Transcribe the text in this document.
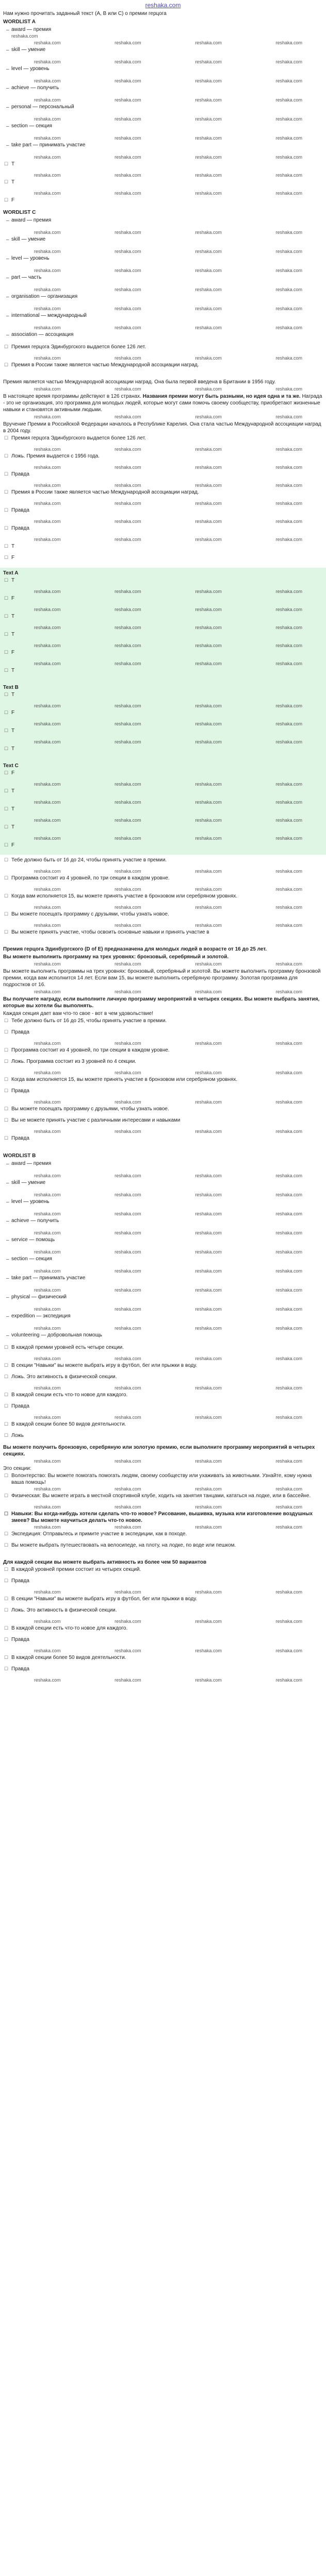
reshaka.com

Нам нужно прочитать заданный текст (A, B или C) о премии герцога

WORDLIST A
– award — премия
reshaka.com
reshaka.com	reshaka.com	reshaka.com	reshaka.com
– skill — умение
reshaka.com	reshaka.com	reshaka.com	reshaka.com
– level — уровень
reshaka.com	reshaka.com	reshaka.com	reshaka.com
– achieve — получить
reshaka.com	reshaka.com	reshaka.com	reshaka.com
– personal — персональный
reshaka.com	reshaka.com	reshaka.com	reshaka.com
– section — секция
reshaka.com	reshaka.com	reshaka.com	reshaka.com
– take part — принимать участие
reshaka.com	reshaka.com	reshaka.com	reshaka.com
☐ T
reshaka.com	reshaka.com	reshaka.com	reshaka.com
☐ T
reshaka.com	reshaka.com	reshaka.com	reshaka.com
☐ F
WORDLIST C
– award — премия
reshaka.com	reshaka.com	reshaka.com	reshaka.com
– skill — умение
reshaka.com	reshaka.com	reshaka.com	reshaka.com
– level — уровень
reshaka.com	reshaka.com	reshaka.com	reshaka.com
– part — часть
reshaka.com	reshaka.com	reshaka.com	reshaka.com
– organisation — организация
reshaka.com	reshaka.com	reshaka.com	reshaka.com
– international — международный
reshaka.com	reshaka.com	reshaka.com	reshaka.com
– association — ассоциация
☐ Премия герцога Эдинбургского выдается более 126 лет.
reshaka.com	reshaka.com	reshaka.com	reshaka.com
☐ Премия в России также является частью Международной ассоциации наград.

Премия является частью Международной ассоциации наград. Она была первой введена в Британии в 1956 году.

reshaka.com	reshaka.com	reshaka.com	reshaka.com

В настоящее время программы действуют в 126 странах. Названия премии могут быть разными, но идея одна и та же. Награда - это не организация, это программа для молодых людей, которые могут сами помочь своему сообществу, приобретают жизненные навыки и становятся активными людьми.

reshaka.com	reshaka.com	reshaka.com	reshaka.com

Вручение Премии в Российской Федерации началось в Республике Карелия. Она стала частью Международной ассоциации наград в 2004 году.

☐ Премия герцога Эдинбургского выдается более 126 лет.
reshaka.com	reshaka.com	reshaka.com	reshaka.com
☐ Ложь. Премия выдается с 1956 года.
reshaka.com	reshaka.com	reshaka.com	reshaka.com
☐ Правда
reshaka.com	reshaka.com	reshaka.com	reshaka.com
☐ Премия в России также является частью Международной ассоциации наград.
reshaka.com	reshaka.com	reshaka.com	reshaka.com
☐ Правда
reshaka.com	reshaka.com	reshaka.com	reshaka.com
☐ Правда
reshaka.com	reshaka.com	reshaka.com	reshaka.com
☐ T
☐ F
Text A
☐ T
reshaka.com	reshaka.com	reshaka.com	reshaka.com
☐ F
reshaka.com	reshaka.com	reshaka.com	reshaka.com
☐ T
reshaka.com	reshaka.com	reshaka.com	reshaka.com
☐ T
reshaka.com	reshaka.com	reshaka.com	reshaka.com
☐ F
reshaka.com	reshaka.com	reshaka.com	reshaka.com
☐ T
Text B
☐ T
reshaka.com	reshaka.com	reshaka.com	reshaka.com
☐ F
reshaka.com	reshaka.com	reshaka.com	reshaka.com
☐ T
reshaka.com	reshaka.com	reshaka.com	reshaka.com
☐ T
Text C
☐ F
reshaka.com	reshaka.com	reshaka.com	reshaka.com
☐ T
reshaka.com	reshaka.com	reshaka.com	reshaka.com
☐ T
reshaka.com	reshaka.com	reshaka.com	reshaka.com
☐ T
reshaka.com	reshaka.com	reshaka.com	reshaka.com
☐ F
☐ Тебе должно быть от 16 до 24, чтобы принять участие в премии.
reshaka.com	reshaka.com	reshaka.com	reshaka.com
☐ Программа состоит из 4 уровней, по три секции в каждом уровне.
reshaka.com	reshaka.com	reshaka.com	reshaka.com
☐ Когда вам исполняется 15, вы можете принять участие в бронзовом или серебряном уровнях.
reshaka.com	reshaka.com	reshaka.com	reshaka.com
☐ Вы можете посещать программу с друзьями, чтобы узнать новое.
reshaka.com	reshaka.com	reshaka.com	reshaka.com
☐ Вы можете принять участие, чтобы освоить основные навыки и принять участие в

Премия герцога Эдинбургского (D of E) предназначена для молодых людей в возрасте от 16 до 25 лет.

Вы можете выполнить программу на трех уровнях: бронзовый, серебряный и золотой.

reshaka.com	reshaka.com	reshaka.com	reshaka.com

Вы можете выполнить программы на трех уровнях: бронзовый, серебряный и золотой. Вы можете выполнить программу бронзовой премии, когда вам исполнится 14 лет. Если вам 15, вы можете выполнить серебряную программу. Золотая программа для подростков от 16.

reshaka.com	reshaka.com	reshaka.com	reshaka.com

Вы получаете награду, если выполните личную программу мероприятий в четырех секциях. Вы можете выбрать занятия, которые вы хотели бы выполнять.

Каждая секция дает вам что-то свое - вот в чем удовольствие!

☐ Тебе должно быть от 16 до 25, чтобы принять участие в премии.
☐ Правда
reshaka.com	reshaka.com	reshaka.com	reshaka.com
☐ Программа состоит из 4 уровней, по три секции в каждом уровне.
☐ Ложь. Программа состоит из 3 уровней по 4 секции.
reshaka.com	reshaka.com	reshaka.com	reshaka.com
☐ Когда вам исполняется 15, вы можете принять участие в бронзовом или серебряном уровнях.
☐ Правда
reshaka.com	reshaka.com	reshaka.com	reshaka.com
☐ Вы можете посещать программу с друзьями, чтобы узнать новое.
☐ Вы не можете принять участие с различными интересами и навыками
reshaka.com	reshaka.com	reshaka.com	reshaka.com
☐ Правда
WORDLIST B
– award — премия
reshaka.com	reshaka.com	reshaka.com	reshaka.com
– skill — умение
reshaka.com	reshaka.com	reshaka.com	reshaka.com
– level — уровень
reshaka.com	reshaka.com	reshaka.com	reshaka.com
– achieve — получить
reshaka.com	reshaka.com	reshaka.com	reshaka.com
– service — помощь
reshaka.com	reshaka.com	reshaka.com	reshaka.com
– section — секция
reshaka.com	reshaka.com	reshaka.com	reshaka.com
– take part — принимать участие
reshaka.com	reshaka.com	reshaka.com	reshaka.com
– physical — физический
reshaka.com	reshaka.com	reshaka.com	reshaka.com
– expedition — экспедиция
reshaka.com	reshaka.com	reshaka.com	reshaka.com
– volunteering — добровольная помощь
☐ В каждой премии уровней есть четыре секции.
reshaka.com	reshaka.com	reshaka.com	reshaka.com
☐ В секции "Навыки" вы можете выбрать игру в футбол, бег или прыжки в воду.
☐ Ложь. Это активность в физической секции.
reshaka.com	reshaka.com	reshaka.com	reshaka.com
☐ В каждой секции есть что-то новое для каждого.
☐ Правда
reshaka.com	reshaka.com	reshaka.com	reshaka.com
☐ В каждой секции более 50 видов деятельности.
☐ Ложь

Вы можете получить бронзовую, серебряную или золотую премию, если выполните программу мероприятий в четырех секциях.

reshaka.com	reshaka.com	reshaka.com	reshaka.com

Это секции:

☐ Волонтерство: Вы можете помогать помогать людям, своему сообществу или ухаживать за животными. Узнайте, кому нужна ваша помощь!
reshaka.com	reshaka.com	reshaka.com	reshaka.com
☐ Физическая: Вы можете играть в местной спортивной клубе, ходить на занятия танцами, кататься на лодке, или в бассейне.
reshaka.com	reshaka.com	reshaka.com	reshaka.com
☐ Навыки: Вы когда-нибудь хотели сделать что-то новое? Рисование, вышивка, музыка или изготовление воздушных змеев? Вы можете научиться делать что-то новое.
reshaka.com	reshaka.com	reshaka.com	reshaka.com
☐ Экспедиция: Отправьтесь и примите участие в экспедиции, как в походе.
☐ Вы можете выбрать путешествовать на велосипеде, на плоту, на лодке, по воде или пешком.

Для каждой секции вы можете выбрать активность из более чем 50 вариантов

☐ В каждой уровней премии состоит из четырех секций.
☐ Правда
reshaka.com	reshaka.com	reshaka.com	reshaka.com
☐ В секции "Навыки" вы можете выбрать игру в футбол, бег или прыжки в воду.
☐ Ложь. Это активность в физической секции.
reshaka.com	reshaka.com	reshaka.com	reshaka.com
☐ В каждой секции есть что-то новое для каждого.
☐ Правда
reshaka.com	reshaka.com	reshaka.com	reshaka.com
☐ В каждой секции более 50 видов деятельности.
☐ Правда
reshaka.com	reshaka.com	reshaka.com	reshaka.com
